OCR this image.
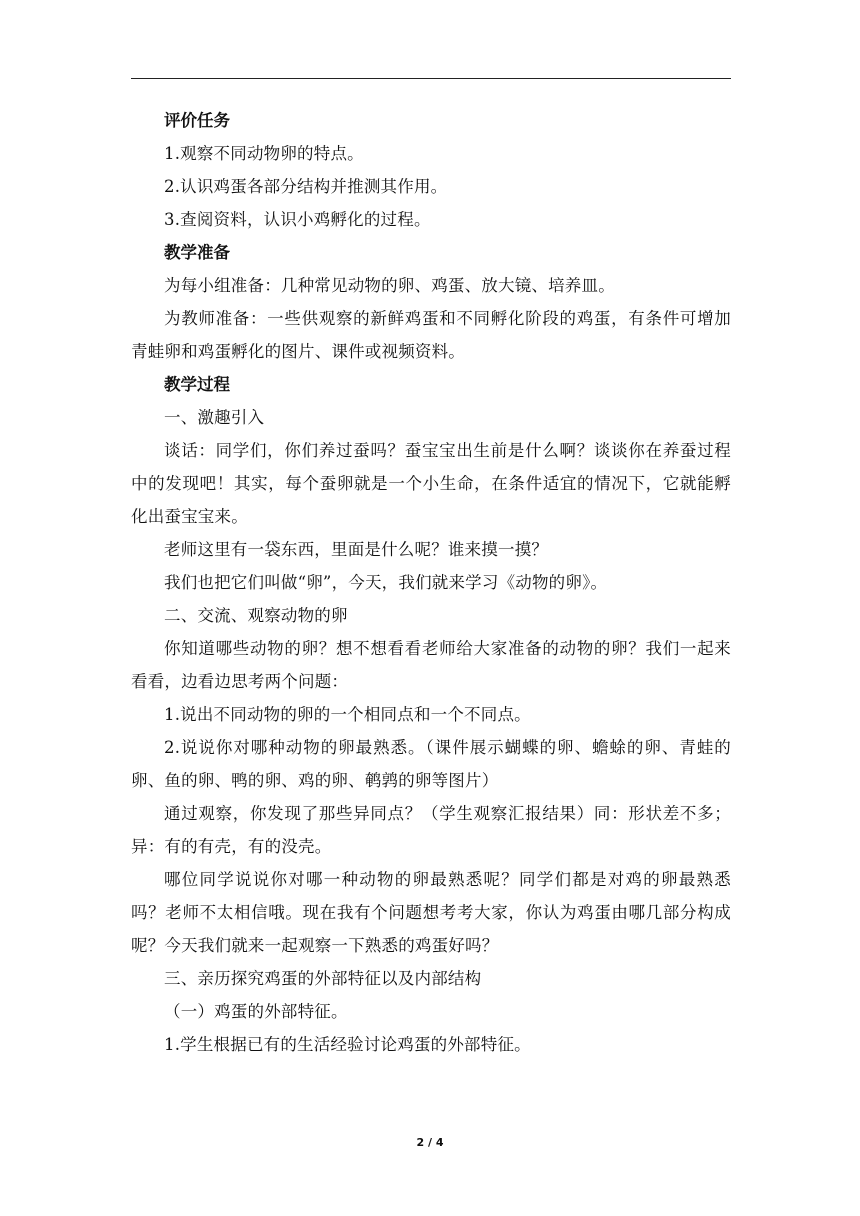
评价任务

1.观察不同动物卵的特点。

2.认识鸡蛋各部分结构并推测其作用。

3.查阅资料，认识小鸡孵化的过程。

教学准备

为每小组准备：几种常见动物的卵、鸡蛋、放大镜、培养皿。

为教师准备：一些供观察的新鲜鸡蛋和不同孵化阶段的鸡蛋，有条件可增加青蛙卵和鸡蛋孵化的图片、课件或视频资料。

教学过程

一、激趣引入

谈话：同学们，你们养过蚕吗？蚕宝宝出生前是什么啊？谈谈你在养蚕过程中的发现吧！其实，每个蚕卵就是一个小生命，在条件适宜的情况下，它就能孵化出蚕宝宝来。

老师这里有一袋东西，里面是什么呢？谁来摸一摸？

我们也把它们叫做“卵”，今天，我们就来学习《动物的卵》。

二、交流、观察动物的卵

你知道哪些动物的卵？想不想看看老师给大家准备的动物的卵？我们一起来看看，边看边思考两个问题：

1.说出不同动物的卵的一个相同点和一个不同点。

2.说说你对哪种动物的卵最熟悉。（课件展示蝴蝶的卵、蟾蜍的卵、青蛙的卵、鱼的卵、鸭的卵、鸡的卵、鹌鹑的卵等图片）

通过观察，你发现了那些异同点？（学生观察汇报结果）同：形状差不多；异：有的有壳，有的没壳。

哪位同学说说你对哪一种动物的卵最熟悉呢？同学们都是对鸡的卵最熟悉吗？老师不太相信哦。现在我有个问题想考考大家，你认为鸡蛋由哪几部分构成呢？今天我们就来一起观察一下熟悉的鸡蛋好吗？

三、亲历探究鸡蛋的外部特征以及内部结构

（一）鸡蛋的外部特征。

1.学生根据已有的生活经验讨论鸡蛋的外部特征。

2 / 4
